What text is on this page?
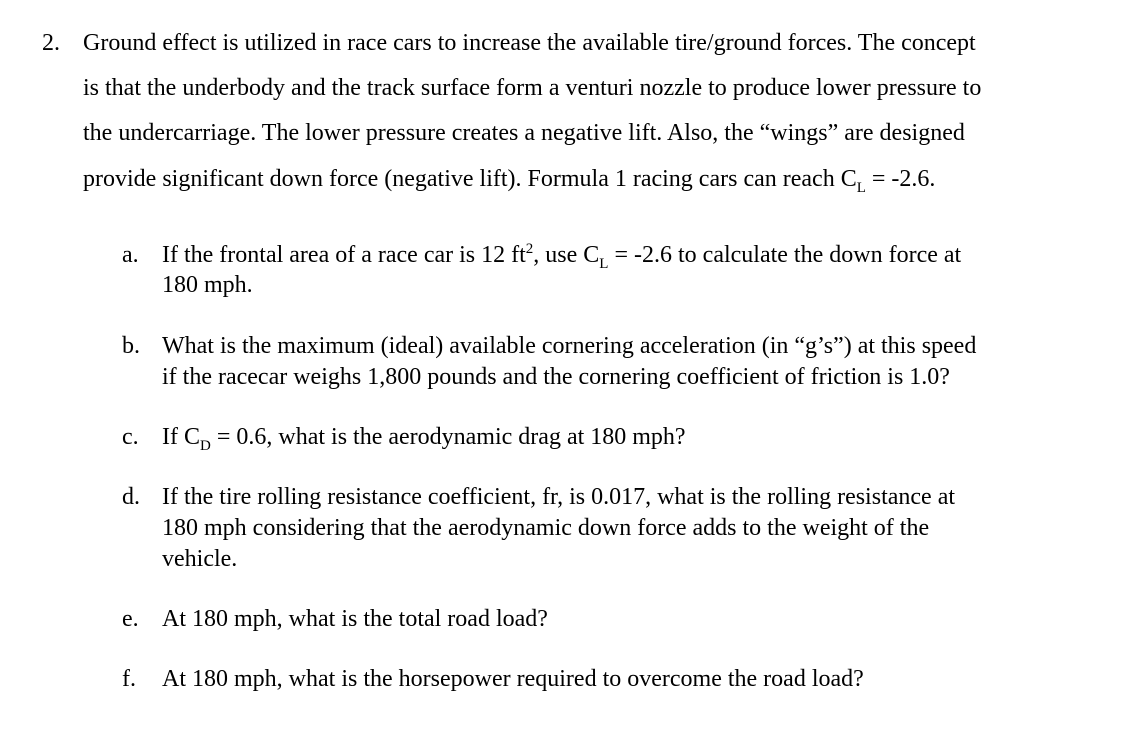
2. Ground effect is utilized in race cars to increase the available tire/ground forces. The concept
is that the underbody and the track surface form a venturi nozzle to produce lower pressure to
the undercarriage. The lower pressure creates a negative lift. Also, the “wings” are designed
provide significant down force (negative lift). Formula 1 racing cars can reach $C_L = -2.6$.
a. If the frontal area of a race car is 12 $ft^2$, use $C_L = -2.6$ to calculate the down force at
180 mph.
b. What is the maximum (ideal) available cornering acceleration (in “g’s”) at this speed
if the racecar weighs 1,800 pounds and the cornering coefficient of friction is 1.0?
c. If $C_D = 0.6$, what is the aerodynamic drag at 180 mph?
d. If the tire rolling resistance coefficient, fr, is 0.017, what is the rolling resistance at
180 mph considering that the aerodynamic down force adds to the weight of the
vehicle.
e. At 180 mph, what is the total road load?
f. At 180 mph, what is the horsepower required to overcome the road load?
